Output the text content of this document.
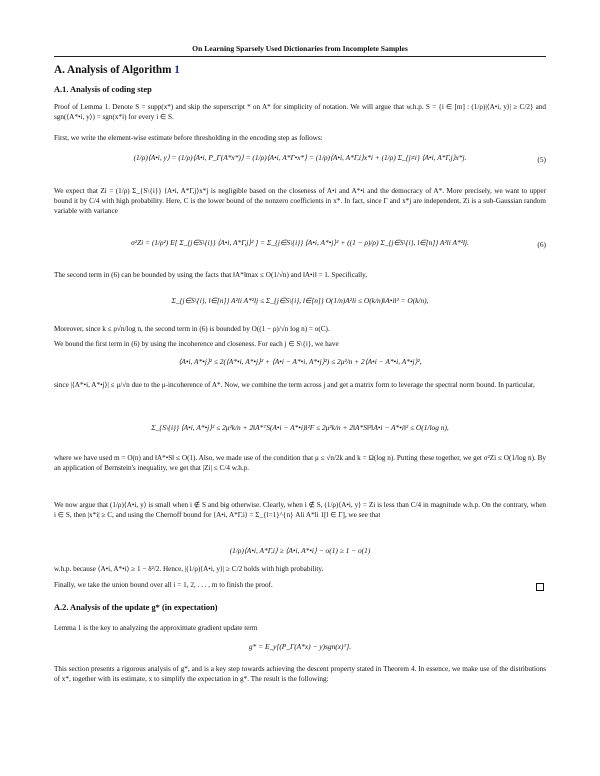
On Learning Sparsely Used Dictionaries from Incomplete Samples
A. Analysis of Algorithm 1
A.1. Analysis of coding step
Proof of Lemma 1. Denote S = supp(x*) and skip the superscript * on A* for simplicity of notation. We will argue that w.h.p. S = {i ∈ [m] : (1/ρ)|⟨A•i, y⟩| ≥ C/2} and sgn(⟨A*•i, y⟩) = sgn(x*i) for every i ∈ S.
First, we write the element-wise estimate before thresholding in the encoding step as follows:
(1/ρ)⟨A•i, y⟩ = (1/ρ)⟨A•i, P_Γ(A*x*)⟩ = (1/ρ)⟨A•i, A*Γ•x*⟩ = (1/ρ)⟨A•i, A*Γ,i⟩x*i + (1/ρ) Σ_{j≠i} ⟨A•i, A*Γ,j⟩x*j.	(5)
We expect that Zi = (1/ρ) Σ_{S\{i}} ⟨A•i, A*Γ,j⟩x*j is negligible based on the closeness of A•i and A*•i and the democracy of A*. More precisely, we want to upper bound it by C/4 with high probability. Here, C is the lower bound of the nonzero coefficients in x*. In fact, since Γ and x*j are independent, Zi is a sub-Gaussian random variable with variance
σ²Zi = (1/ρ²) E[ Σ_{j∈S\{i}} ⟨A•i, A*Γ,j⟩² ] = Σ_{j∈S\{i}} ⟨A•i, A*•j⟩² + ((1 − ρ)/ρ) Σ_{j∈S\{i}, l∈[n]} A²li A*²lj.	(6)
The second term in (6) can be bounded by using the facts that ‖A*‖max ≤ O(1/√n) and ‖A•i‖ = 1. Specifically,
Σ_{j∈S\{i}, l∈[n]} A²li A*²lj ≤ Σ_{j∈S\{i}, l∈[n]} O(1/n)A²li ≤ O(k/n)‖A•i‖² = O(k/n),
Moreover, since k ≤ ρ√n/log n, the second term in (6) is bounded by O((1 − ρ)/√n log n) = o(C).
We bound the first term in (6) by using the incoherence and closeness. For each j ∈ S\{i}, we have
⟨A•i, A*•j⟩² ≤ 2(⟨A*•i, A*•j⟩² + ⟨A•i − A*•i, A*•j⟩²) ≤ 2μ²/n + 2⟨A•i − A*•i, A*•j⟩²,
since |⟨A*•i, A*•j⟩| ≤ μ/√n due to the μ-incoherence of A*. Now, we combine the term across j and get a matrix form to leverage the spectral norm bound. In particular,
Σ_{S\{i}} ⟨A•i, A*•j⟩² ≤ 2μ²k/n + 2‖A*ᵀS(A•i − A*•i)‖²F ≤ 2μ²k/n + 2‖A*S‖²‖A•i − A*•i‖² ≤ O(1/log n),
where we have used m = O(n) and ‖A*•S‖ ≤ O(1). Also, we made use of the condition that μ ≤ √n/2k and k = Ω(log n). Putting these together, we get σ²Zi ≤ O(1/log n). By an application of Bernstein's inequality, we get that |Zi| ≤ C/4 w.h.p.
We now argue that (1/ρ)⟨A•i, y⟩ is small when i ∉ S and big otherwise. Clearly, when i ∉ S, (1/ρ)⟨A•i, y⟩ = Zi is less than C/4 in magnitude w.h.p. On the contrary, when i ∈ S, then |x*i| ≥ C, and using the Chernoff bound for ⟨A•i, A*Γ,i⟩ = Σ_{l=1}^{n} Ali A*li 1[l ∈ Γ], we see that
(1/ρ)⟨A•i, A*Γ,i⟩ ≥ ⟨A•i, A*•i⟩ − o(1) ≥ 1 − o(1)
w.h.p. because ⟨A•i, A*•i⟩ ≥ 1 − δ²/2. Hence, |(1/ρ)⟨A•i, y⟩| ≥ C/2 holds with high probability.
Finally, we take the union bound over all i = 1, 2, . . . , m to finish the proof.
A.2. Analysis of the update g* (in expectation)
Lemma 1 is the key to analyzing the approximate gradient update term
g* = E_y[(P_Γ(A*x) − y)sgn(x)ᵀ].
This section presents a rigorous analysis of g*, and is a key step towards achieving the descent property stated in Theorem 4. In essence, we make use of the distributions of x*, together with its estimate, x to simplify the expectation in g*. The result is the following:
